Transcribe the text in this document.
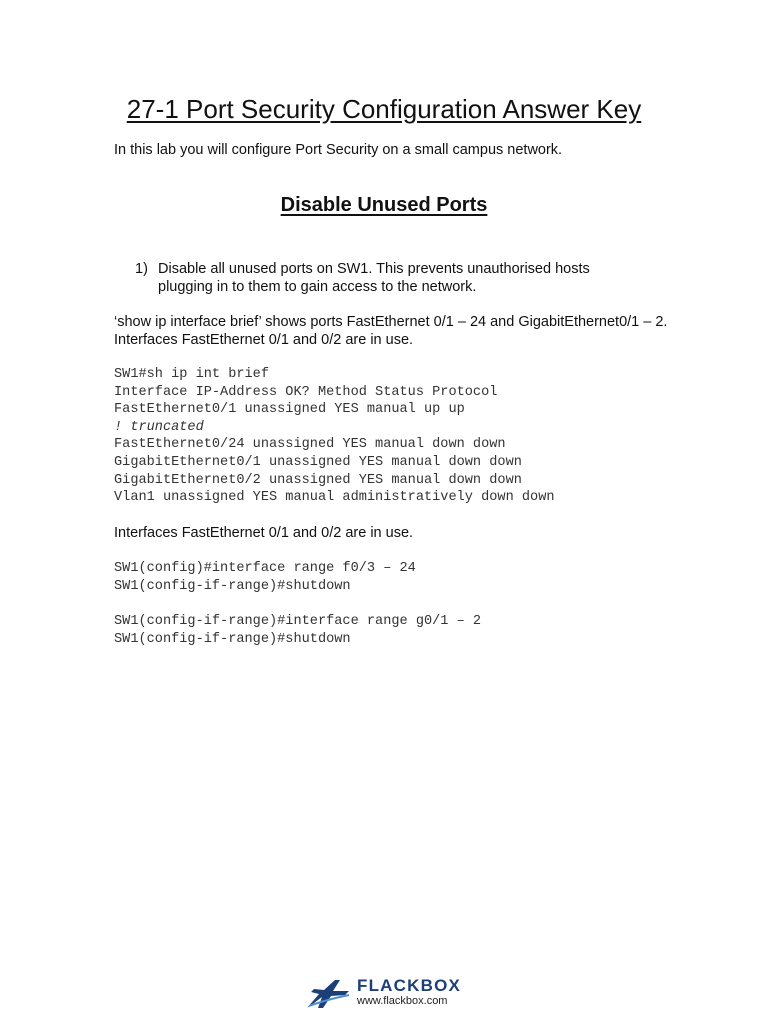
27-1 Port Security Configuration Answer Key

In this lab you will configure Port Security on a small campus network.

Disable Unused Ports
1) Disable all unused ports on SW1. This prevents unauthorised hosts plugging in to them to gain access to the network.

‘show ip interface brief’ shows ports FastEthernet 0/1 – 24 and GigabitEthernet0/1 – 2. Interfaces FastEthernet 0/1 and 0/2 are in use.

SW1#sh ip int brief
Interface IP-Address OK? Method Status Protocol
FastEthernet0/1 unassigned YES manual up up
! truncated
FastEthernet0/24 unassigned YES manual down down
GigabitEthernet0/1 unassigned YES manual down down
GigabitEthernet0/2 unassigned YES manual down down
Vlan1 unassigned YES manual administratively down down

Interfaces FastEthernet 0/1 and 0/2 are in use.

SW1(config)#interface range f0/3 – 24
SW1(config-if-range)#shutdown
SW1(config-if-range)#interface range g0/1 – 2
SW1(config-if-range)#shutdown
FLACKBOX
www.flackbox.com
